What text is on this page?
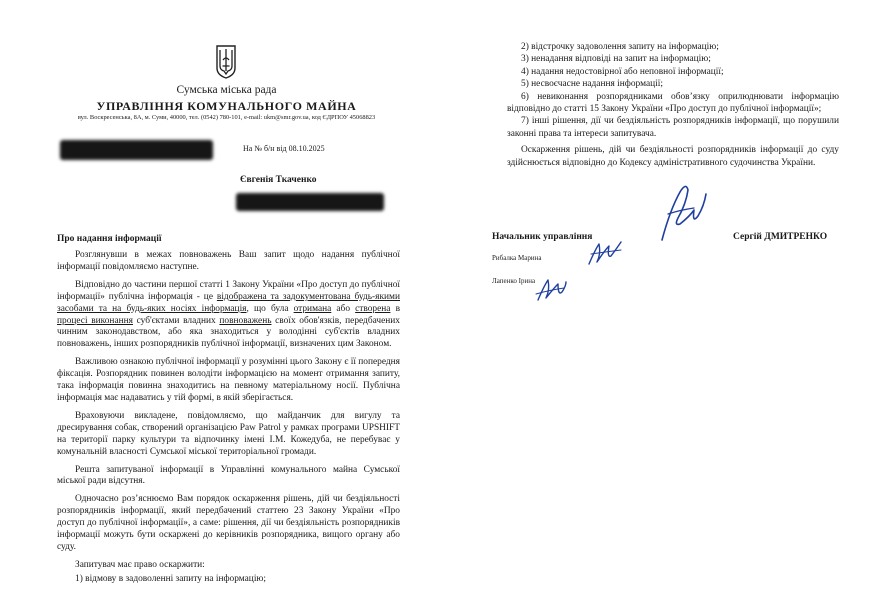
Сумська міська рада
УПРАВЛІННЯ КОМУНАЛЬНОГО МАЙНА
вул. Воскресенська, 8А, м. Суми, 40000, тел. (0542) 780-101, e-mail: ukm@smr.gov.ua, код ЄДРПОУ 45068823
На № б/н від 08.10.2025
Євгенія Ткаченко
Про надання інформації

Розглянувши в межах повноважень Ваш запит щодо надання публічної інформації повідомляємо наступне.

Відповідно до частини першої статті 1 Закону України «Про доступ до публічної інформації» публічна інформація - це відображена та задокументована будь-якими засобами та на будь-яких носіях інформація, що була отримана або створена в процесі виконання суб'єктами владних повноважень своїх обов'язків, передбачених чинним законодавством, або яка знаходиться у володінні суб'єктів владних повноважень, інших розпорядників публічної інформації, визначених цим Законом.

Важливою ознакою публічної інформації у розумінні цього Закону є її попередня фіксація. Розпорядник повинен володіти інформацією на момент отримання запиту, така інформація повинна знаходитись на певному матеріальному носії. Публічна інформація має надаватись у тій формі, в якій зберігається.

Враховуючи викладене, повідомляємо, що майданчик для вигулу та дресирування собак, створений організацією Paw Patrol у рамках програми UPSHIFT на території парку культури та відпочинку імені І.М. Кожедуба, не перебуває у комунальній власності Сумської міської територіальної громади.

Решта запитуваної інформації в Управлінні комунального майна Сумської міської ради відсутня.

Одночасно роз’яснюємо Вам порядок оскарження рішень, дій чи бездіяльності розпорядників інформації, який передбачений статтею 23 Закону України «Про доступ до публічної інформації», а саме: рішення, дії чи бездіяльність розпорядників інформації можуть бути оскаржені до керівників розпорядника, вищого органу або суду.

Запитувач має право оскаржити:

1) відмову в задоволенні запиту на інформацію;
2) відстрочку задоволення запиту на інформацію;
3) ненадання відповіді на запит на інформацію;
4) надання недостовірної або неповної інформації;
5) несвоєчасне надання інформації;
6) невиконання розпорядниками обов’язку оприлюднювати інформацію відповідно до статті 15 Закону України «Про доступ до публічної інформації»;
7) інші рішення, дії чи бездіяльність розпорядників інформації, що порушили законні права та інтереси запитувача.

Оскарження рішень, дій чи бездіяльності розпорядників інформації до суду здійснюється відповідно до Кодексу адміністративного судочинства України.

Начальник управління	Сергій ДМИТРЕНКО
Рибалка Марина
Лапенко Ірина
